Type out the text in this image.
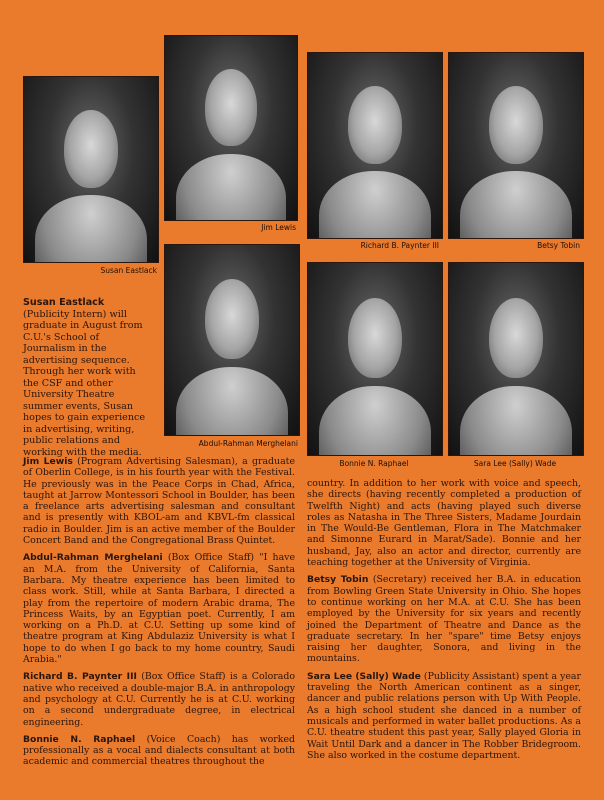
Susan Eastlack
Jim Lewis
Richard B. Paynter III	Betsy Tobin
Abdul-Rahman Merghelani
Bonnie N. Raphael	Sara Lee (Sally) Wade
Susan Eastlack (Publicity Intern) will graduate in August from C.U.'s School of Journalism in the advertising sequence. Through her work with the CSF and other University Theatre summer events, Susan hopes to gain experience in advertising, writing, public relations and working with the media.

Jim Lewis (Program Advertising Salesman), a graduate of Oberlin College, is in his fourth year with the Festival. He previously was in the Peace Corps in Chad, Africa, taught at Jarrow Montessori School in Boulder, has been a freelance arts advertising salesman and consultant and is presently with KBOL-am and KBVL-fm classical radio in Boulder. Jim is an active member of the Boulder Concert Band and the Congregational Brass Quintet.

Abdul-Rahman Merghelani (Box Office Staff) "I have an M.A. from the University of California, Santa Barbara. My theatre experience has been limited to class work. Still, while at Santa Barbara, I directed a play from the repertoire of modern Arabic drama, The Princess Waits, by an Egyptian poet. Currently, I am working on a Ph.D. at C.U. Setting up some kind of theatre program at King Abdulaziz University is what I hope to do when I go back to my home country, Saudi Arabia."

Richard B. Paynter III (Box Office Staff) is a Colorado native who received a double-major B.A. in anthropology and psychology at C.U. Currently he is at C.U. working on a second undergraduate degree, in electrical engineering.

Bonnie N. Raphael (Voice Coach) has worked professionally as a vocal and dialects consultant at both academic and commercial theatres throughout the

country. In addition to her work with voice and speech, she directs (having recently completed a production of Twelfth Night) and acts (having played such diverse roles as Natasha in The Three Sisters, Madame Jourdain in The Would-Be Gentleman, Flora in The Matchmaker and Simonne Eurard in Marat/Sade). Bonnie and her husband, Jay, also an actor and director, currently are teaching together at the University of Virginia.

Betsy Tobin (Secretary) received her B.A. in education from Bowling Green State University in Ohio. She hopes to continue working on her M.A. at C.U. She has been employed by the University for six years and recently joined the Department of Theatre and Dance as the graduate secretary. In her "spare" time Betsy enjoys raising her daughter, Sonora, and living in the mountains.

Sara Lee (Sally) Wade (Publicity Assistant) spent a year traveling the North American continent as a singer, dancer and public relations person with Up With People. As a high school student she danced in a number of musicals and performed in water ballet productions. As a C.U. theatre student this past year, Sally played Gloria in Wait Until Dark and a dancer in The Robber Bridegroom. She also worked in the costume department.
